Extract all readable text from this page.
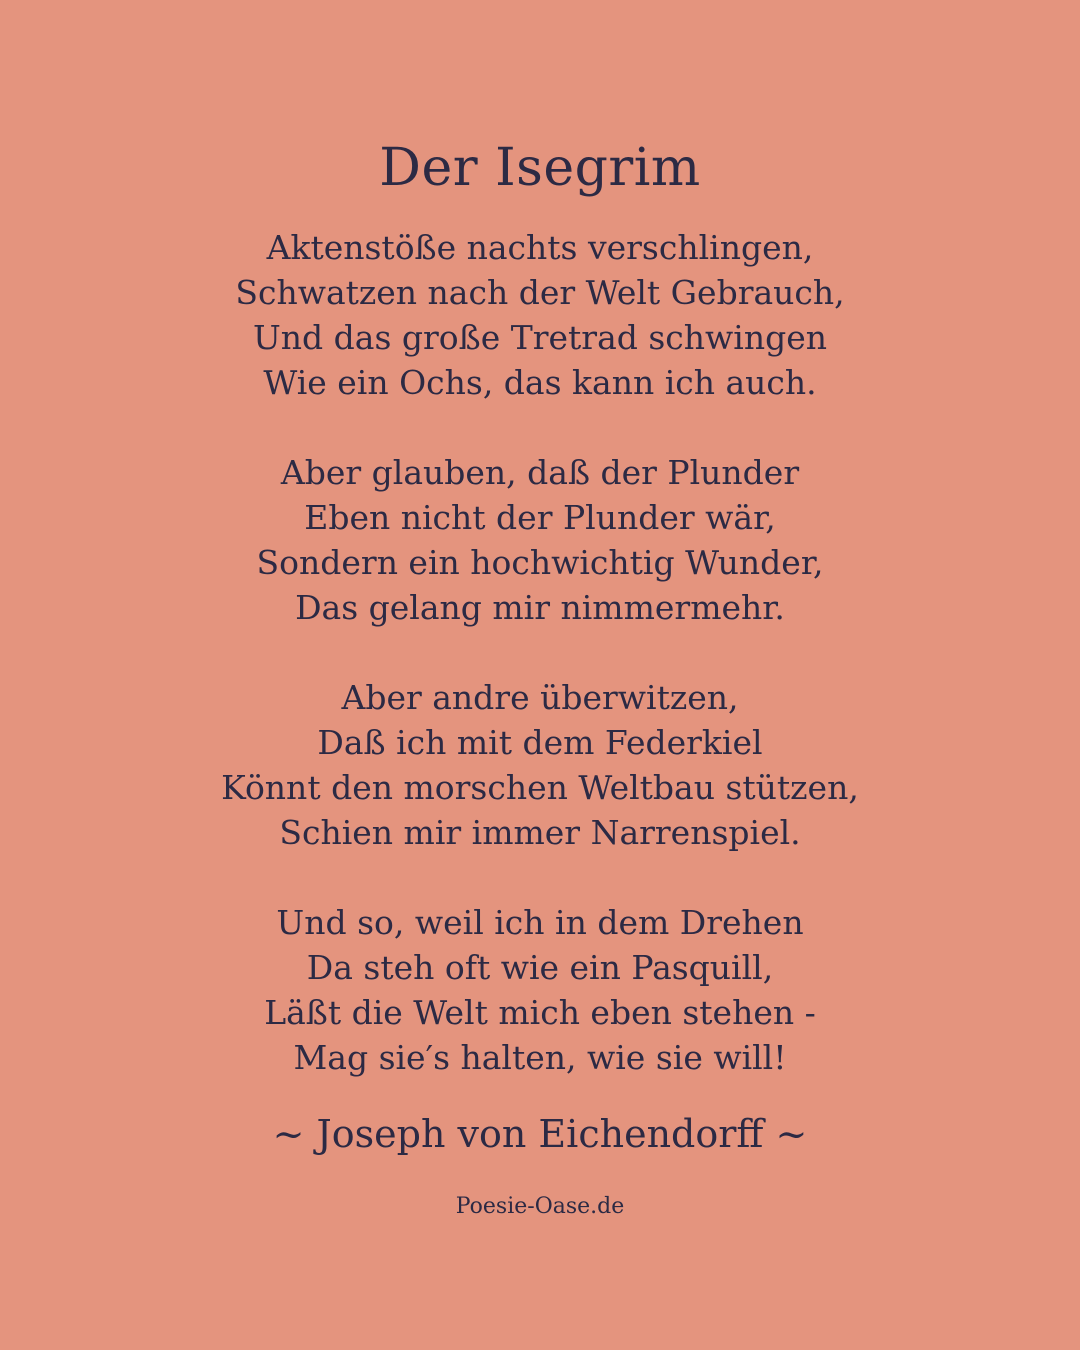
Der Isegrim
Aktenstöße nachts verschlingen,
Schwatzen nach der Welt Gebrauch,
Und das große Tretrad schwingen
Wie ein Ochs, das kann ich auch.
Aber glauben, daß der Plunder
Eben nicht der Plunder wär,
Sondern ein hochwichtig Wunder,
Das gelang mir nimmermehr.
Aber andre überwitzen,
Daß ich mit dem Federkiel
Könnt den morschen Weltbau stützen,
Schien mir immer Narrenspiel.
Und so, weil ich in dem Drehen
Da steh oft wie ein Pasquill,
Läßt die Welt mich eben stehen -
Mag sie′s halten, wie sie will!
~ Joseph von Eichendorff ~
Poesie-Oase.de
